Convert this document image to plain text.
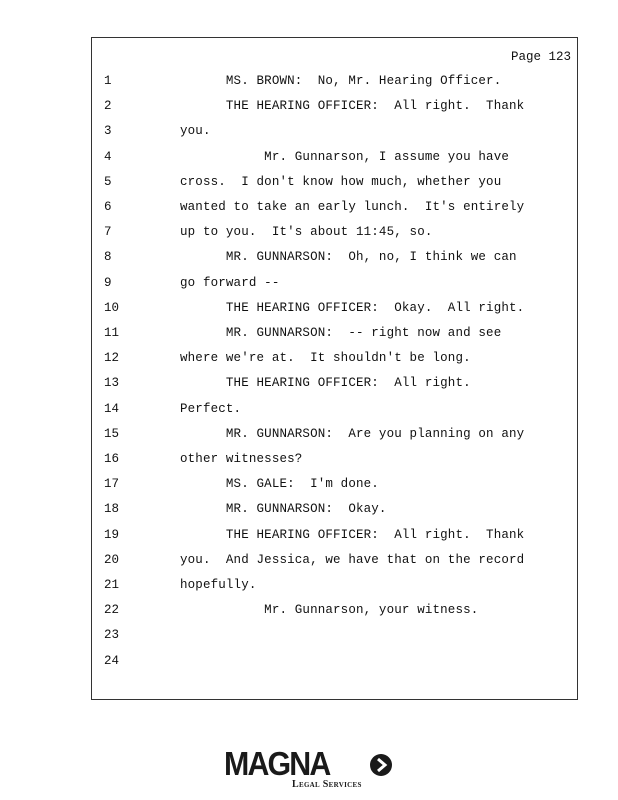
Page 123
1	MS. BROWN:  No, Mr. Hearing Officer.
2	THE HEARING OFFICER:  All right.  Thank
3	you.
4	Mr. Gunnarson, I assume you have
5	cross.  I don't know how much, whether you
6	wanted to take an early lunch.  It's entirely
7	up to you.  It's about 11:45, so.
8	MR. GUNNARSON:  Oh, no, I think we can
9	go forward --
10	THE HEARING OFFICER:  Okay.  All right.
11	MR. GUNNARSON:  -- right now and see
12	where we're at.  It shouldn't be long.
13	THE HEARING OFFICER:  All right.
14	Perfect.
15	MR. GUNNARSON:  Are you planning on any
16	other witnesses?
17	MS. GALE:  I'm done.
18	MR. GUNNARSON:  Okay.
19	THE HEARING OFFICER:  All right.  Thank
20	you.  And Jessica, we have that on the record
21	hopefully.
22	Mr. Gunnarson, your witness.
23
24
MAGNA
Legal Services
